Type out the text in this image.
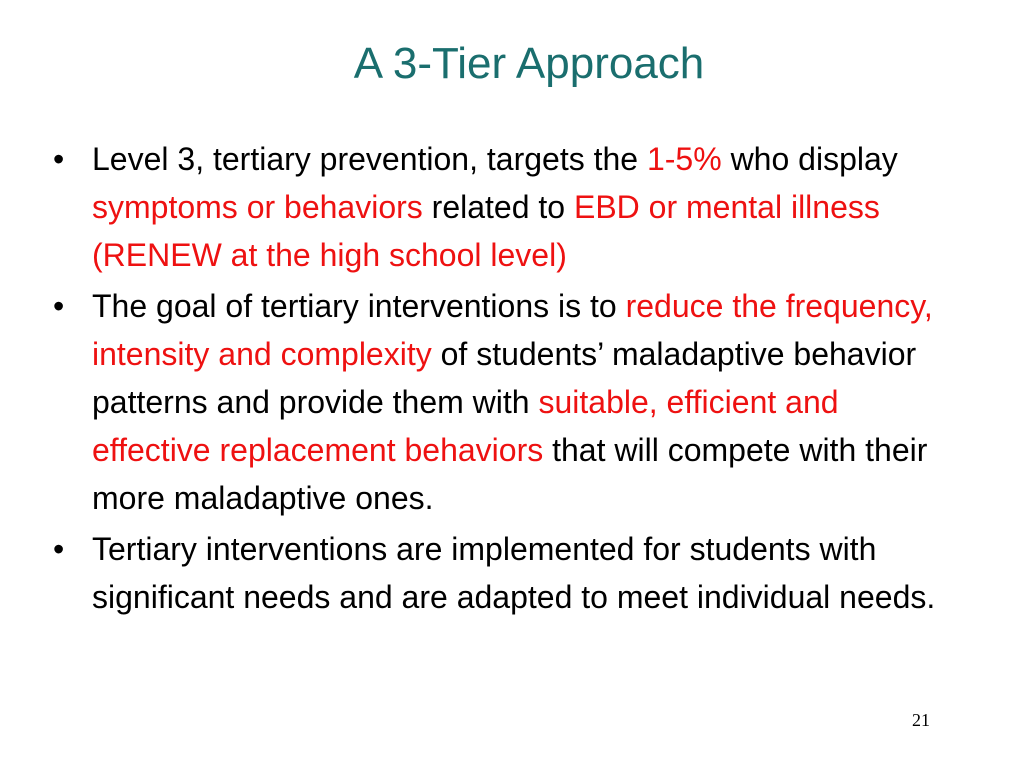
A 3-Tier Approach
• Level 3, tertiary prevention, targets the 1-5% who display symptoms or behaviors related to EBD or mental illness (RENEW at the high school level)
• The goal of tertiary interventions is to reduce the frequency, intensity and complexity of students’ maladaptive behavior patterns and provide them with suitable, efficient and effective replacement behaviors that will compete with their more maladaptive ones.
• Tertiary interventions are implemented for students with significant needs and are adapted to meet individual needs.
21
